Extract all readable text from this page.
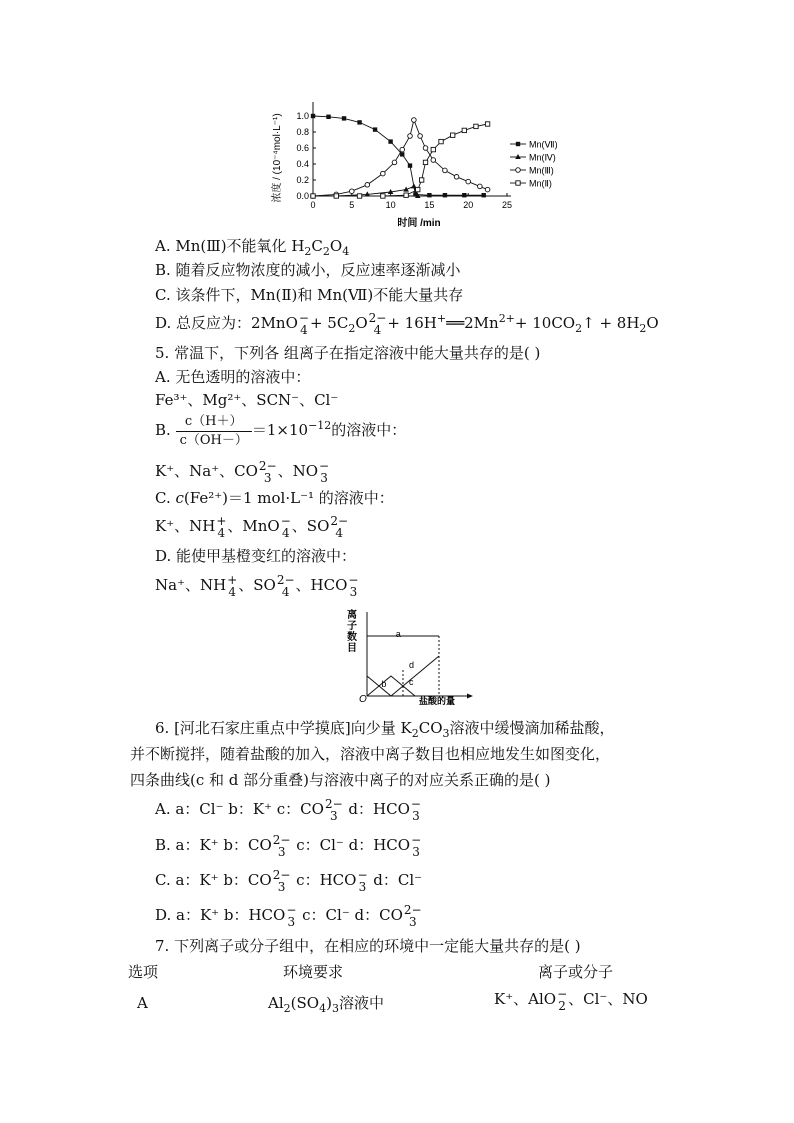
浓度 / (10⁻⁴mol·L⁻¹) 0.0
0.2
0.4
0.6
0.8
1.0
0	5	10	15	20	25
Mn(Ⅶ)
Mn(Ⅳ)
Mn(Ⅲ)
Mn(Ⅱ)
时间 /min
A. Mn(Ⅲ)不能氧化 $H_2C_2O_4$
B. 随着反应物浓度的减小，反应速率逐渐减小
C. 该条件下，Mn(Ⅱ)和 Mn(Ⅶ)不能大量共存
D. 总反应为：2MnO −
$4 + 5C_2O$ 2−
$4 + 16H^+══2Mn^{2+}+$ $10CO_2↑ + 8H_2O$
5. 常温下，下列各 组离子在指定溶液中能大量共存的是( )
A. 无色透明的溶液中：
Fe³⁺、Mg²⁺、SCN⁻、Cl⁻
B. $\frac{c(H+)}{c(OH-)} =1\times 10^{-12}$的溶液中：
K⁺、Na⁺、CO 2−
3 、NO −
3
C. c(Fe²⁺)＝1 mol·L⁻¹ 的溶液中：
K⁺、NH +
4 、MnO −
4 、SO 2−
4
D. 能使甲基橙变红的溶液中：
Na⁺、NH +
4 、SO 2−
4 、HCO −
3
离
子
数
目
a
b	c
d
O	盐酸的量
6. [河北石家庄重点中学摸底]向少量 $K_2CO_3$溶液中缓慢滴加稀盐酸，
并不断搅拌，随着盐酸的加入，溶液中离子数目也相应地发生如图变化，
四条曲线(c 和 d 部分重叠)与溶液中离子的对应关系正确的是( )
A. a：Cl⁻ b：K⁺ c：CO 2−
3 d：HCO −
3
B. a：K⁺ b：CO 2−
3 c：Cl⁻ d：HCO −
3
C. a：K⁺ b：CO 2−
3 c：HCO −
3 d：Cl⁻
D. a：K⁺ b：HCO −
3 c：Cl⁻ d：CO 2−
3
7. 下列离子或分子组中，在相应的环境中一定能大量共存的是( )
选项	环境要求	离子或分子
A	$Al_2(SO_4)_3$溶液中	K⁺、AlO −
2 、Cl⁻、NO
